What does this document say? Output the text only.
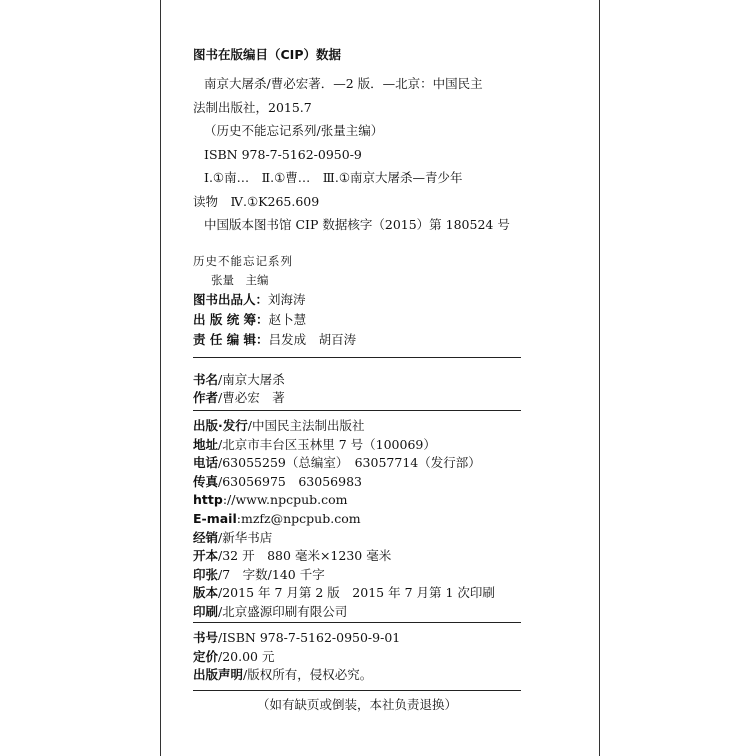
图书在版编目（CIP）数据
南京大屠杀/曹必宏著．—2 版．—北京：中国民主
法制出版社，2015.7
（历史不能忘记系列/张量主编）
ISBN 978-7-5162-0950-9
Ⅰ.①南…　Ⅱ.①曹…　Ⅲ.①南京大屠杀—青少年
读物　Ⅳ.①K265.609
中国版本图书馆 CIP 数据核字（2015）第 180524 号
历史不能忘记系列
张量　主编
图书出品人：刘海涛
出 版 统 筹：赵卜慧
责 任 编 辑：吕发成　胡百涛
书名/南京大屠杀
作者/曹必宏　著
出版·发行/中国民主法制出版社
地址/北京市丰台区玉林里 7 号（100069）
电话/63055259（总编室）　63057714（发行部）
传真/63056975　63056983
http://www.npcpub.com
E-mail:mzfz@npcpub.com
经销/新华书店
开本/32 开　880 毫米×1230 毫米
印张/7　字数/140 千字
版本/2015 年 7 月第 2 版　2015 年 7 月第 1 次印刷
印刷/北京盛源印刷有限公司
书号/ISBN 978-7-5162-0950-9-01
定价/20.00 元
出版声明/版权所有，侵权必究。
（如有缺页或倒装，本社负责退换）
